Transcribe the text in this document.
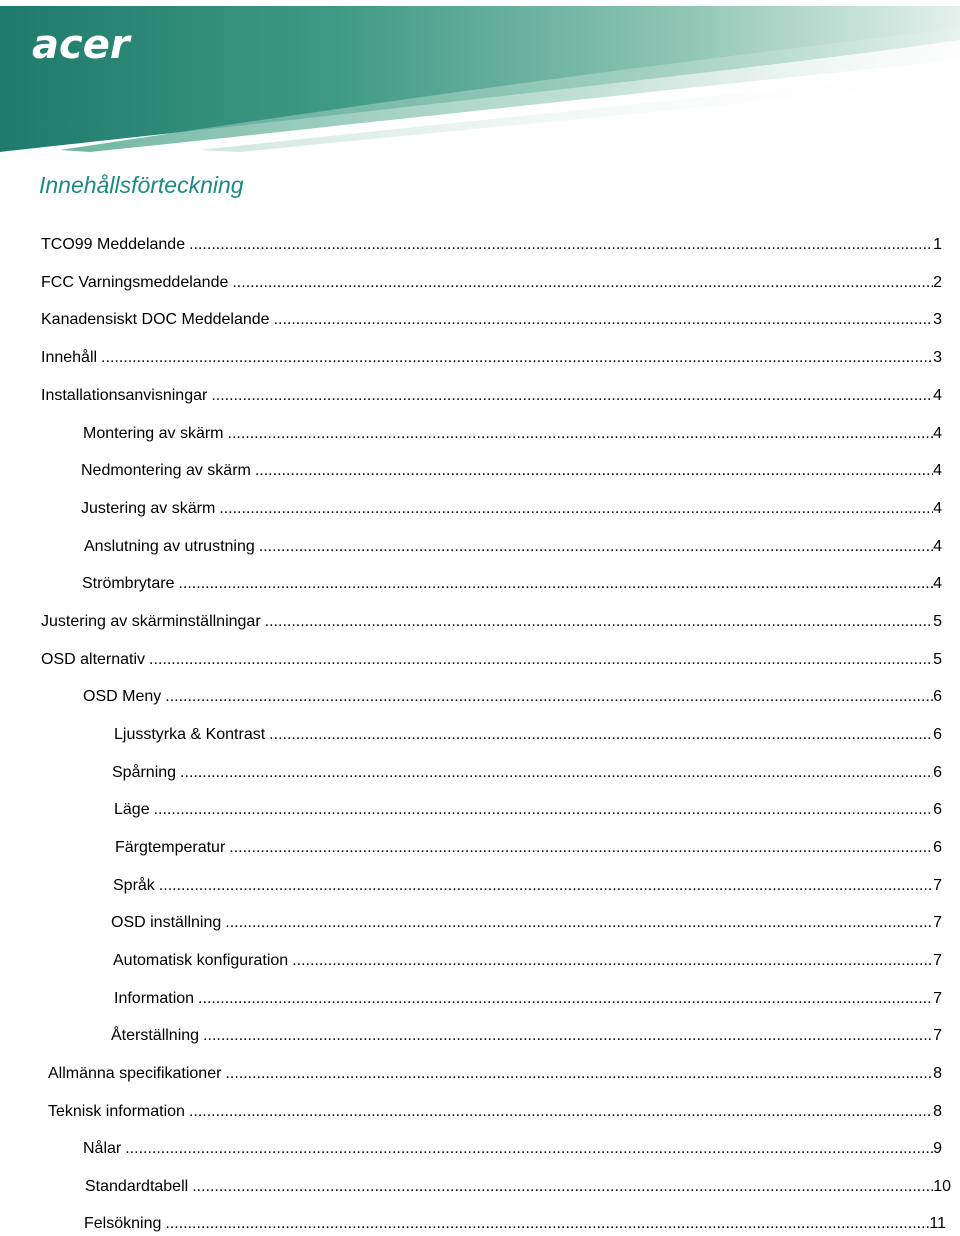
acer
Innehållsförteckning
TCO99 Meddelande .....	1
FCC Varningsmeddelande .....	2
Kanadensiskt DOC Meddelande .....	3
Innehåll .....	3
Installationsanvisningar .....	4
Montering av skärm .....	4
Nedmontering av skärm .....	4
Justering av skärm .....	4
Anslutning av utrustning .....	4
Strömbrytare .....	4
Justering av skärminställningar .....	5
OSD alternativ .....	5
OSD Meny .....	6
Ljusstyrka & Kontrast .....	6
Spårning .....	6
Läge .....	6
Färgtemperatur .....	6
Språk .....	7
OSD inställning .....	7
Automatisk konfiguration .....	7
Information .....	7
Återställning .....	7
Allmänna specifikationer .....	8
Teknisk information .....	8
Nålar .....	9
Standardtabell .....	10
Felsökning .....	11
